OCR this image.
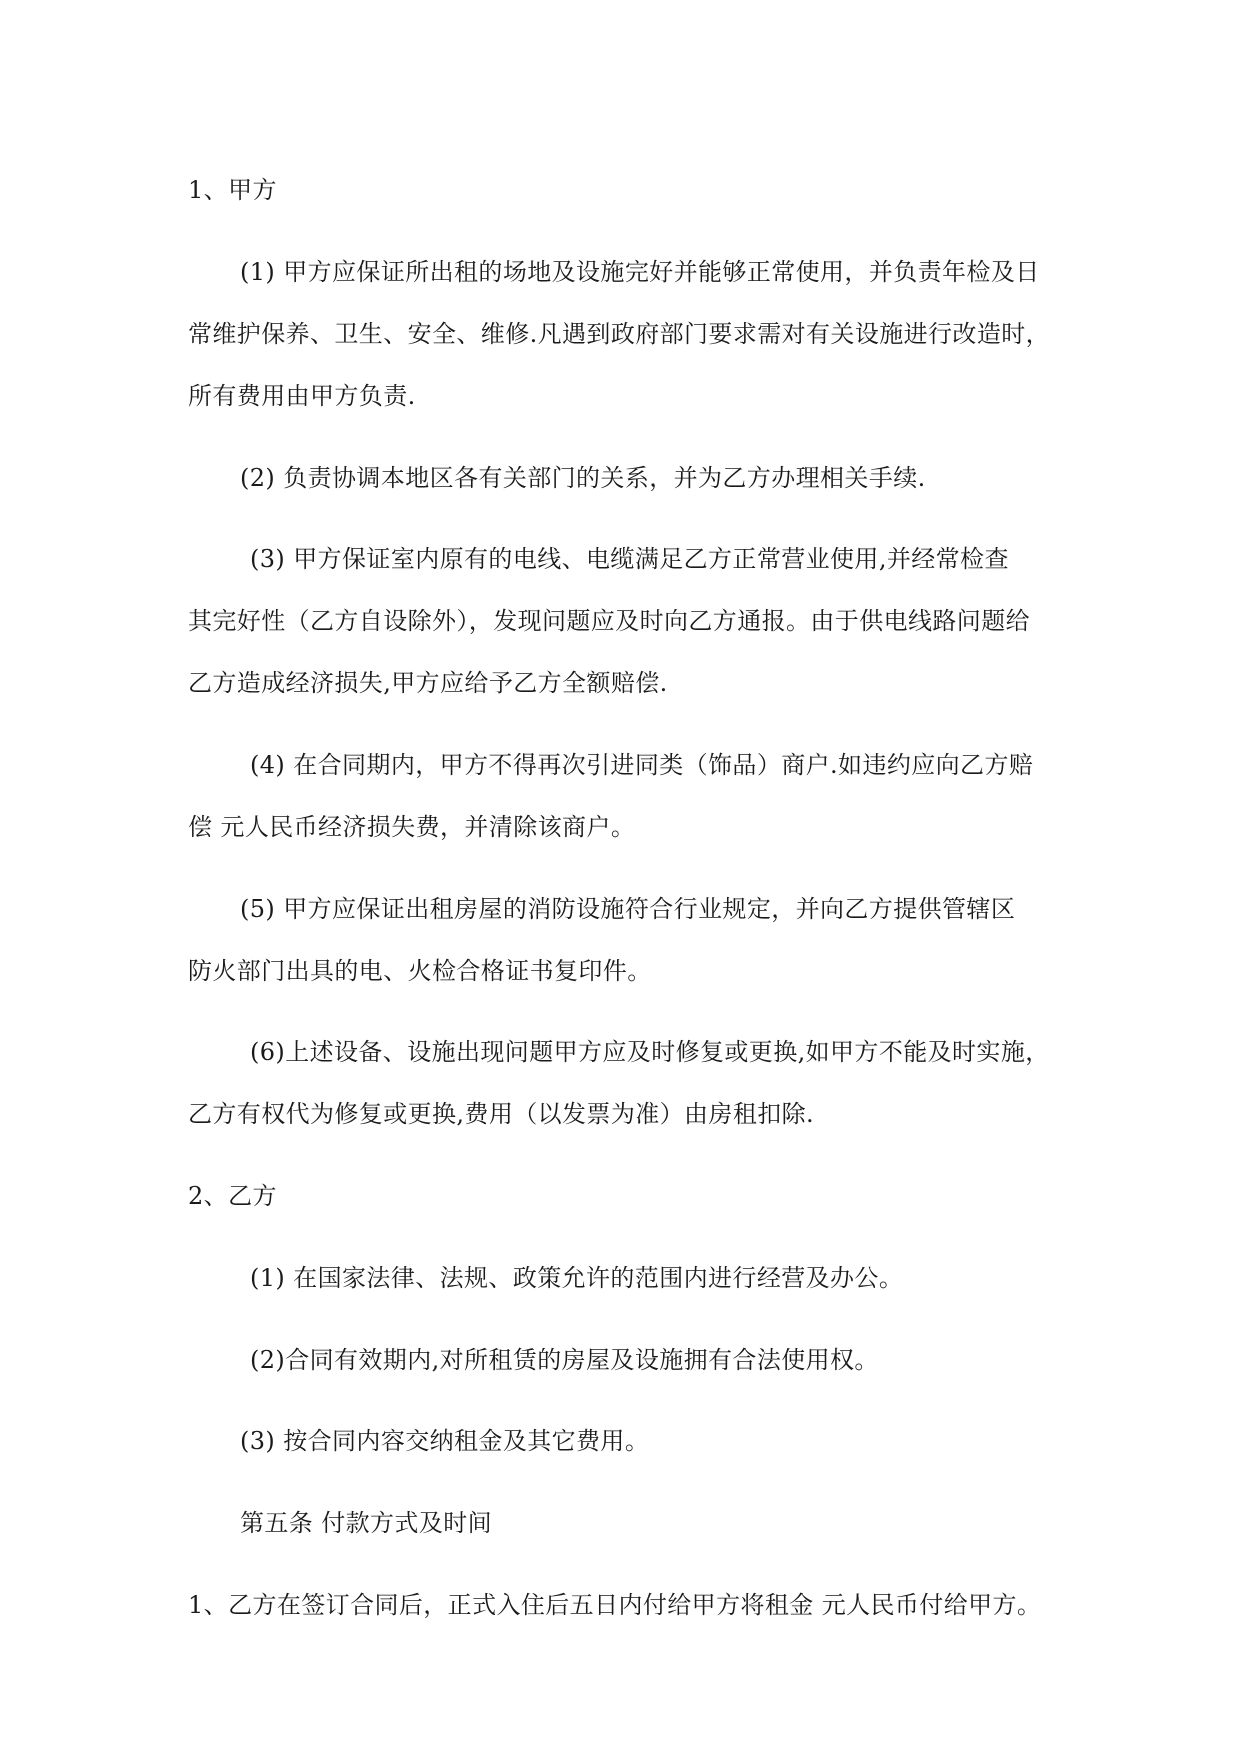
1、甲方
(1) 甲方应保证所出租的场地及设施完好并能够正常使用，并负责年检及日
常维护保养、卫生、安全、维修.凡遇到政府部门要求需对有关设施进行改造时，
所有费用由甲方负责.
(2) 负责协调本地区各有关部门的关系，并为乙方办理相关手续.
(3) 甲方保证室内原有的电线、电缆满足乙方正常营业使用,并经常检查
其完好性（乙方自设除外），发现问题应及时向乙方通报。由于供电线路问题给
乙方造成经济损失,甲方应给予乙方全额赔偿.
(4) 在合同期内，甲方不得再次引进同类（饰品）商户.如违约应向乙方赔
偿 元人民币经济损失费，并清除该商户。
(5) 甲方应保证出租房屋的消防设施符合行业规定，并向乙方提供管辖区
防火部门出具的电、火检合格证书复印件。
(6)上述设备、设施出现问题甲方应及时修复或更换,如甲方不能及时实施，
乙方有权代为修复或更换,费用（以发票为准）由房租扣除.
2、乙方
(1) 在国家法律、法规、政策允许的范围内进行经营及办公。
(2)合同有效期内,对所租赁的房屋及设施拥有合法使用权。
(3) 按合同内容交纳租金及其它费用。
第五条 付款方式及时间
1、乙方在签订合同后，正式入住后五日内付给甲方将租金 元人民币付给甲方。
